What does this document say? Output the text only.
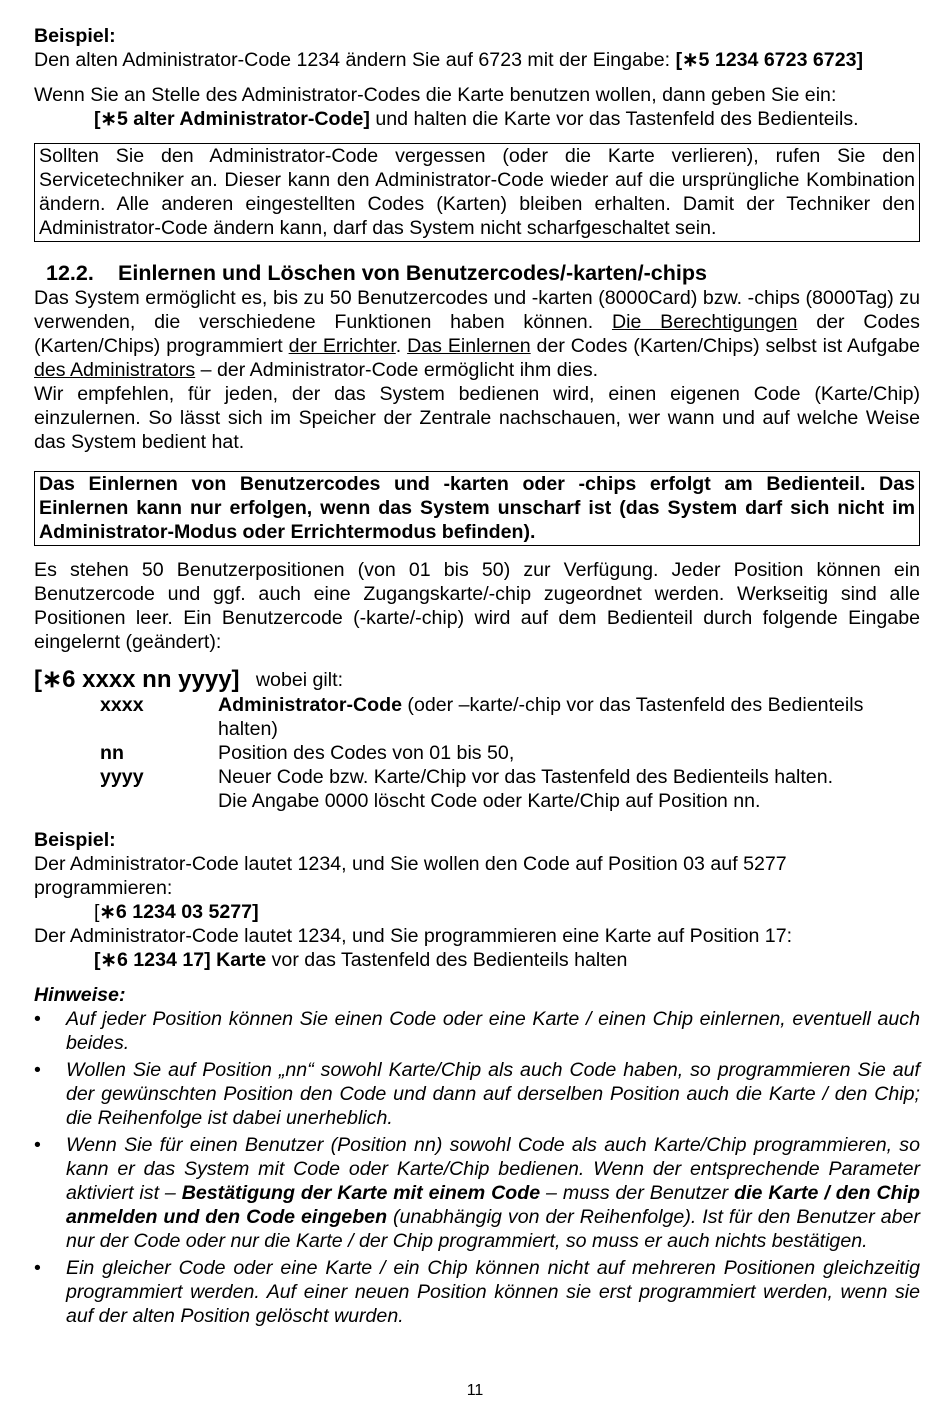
Beispiel:

Den alten Administrator-Code 1234 ändern Sie auf 6723 mit der Eingabe: [∗5 1234 6723 6723]

Wenn Sie an Stelle des Administrator-Codes die Karte benutzen wollen, dann geben Sie ein:

[∗5 alter Administrator-Code] und halten die Karte vor das Tastenfeld des Bedienteils.

Sollten Sie den Administrator-Code vergessen (oder die Karte verlieren), rufen Sie den Servicetechniker an. Dieser kann den Administrator-Code wieder auf die ursprüngliche Kombination ändern. Alle anderen eingestellten Codes (Karten) bleiben erhalten. Damit der Techniker den Administrator-Code ändern kann, darf das System nicht scharfgeschaltet sein.
12.2. Einlernen und Löschen von Benutzercodes/-karten/-chips

Das System ermöglicht es, bis zu 50 Benutzercodes und -karten (8000Card) bzw. -chips (8000Tag) zu verwenden, die verschiedene Funktionen haben können. Die Berechtigungen der Codes (Karten/Chips) programmiert der Errichter. Das Einlernen der Codes (Karten/Chips) selbst ist Aufgabe des Administrators – der Administrator-Code ermöglicht ihm dies.

Wir empfehlen, für jeden, der das System bedienen wird, einen eigenen Code (Karte/Chip) einzulernen. So lässt sich im Speicher der Zentrale nachschauen, wer wann und auf welche Weise das System bedient hat.

Das Einlernen von Benutzercodes und -karten oder -chips erfolgt am Bedienteil. Das Einlernen kann nur erfolgen, wenn das System unscharf ist (das System darf sich nicht im Administrator-Modus oder Errichtermodus befinden).

Es stehen 50 Benutzerpositionen (von 01 bis 50) zur Verfügung. Jeder Position können ein Benutzercode und ggf. auch eine Zugangskarte/-chip zugeordnet werden. Werkseitig sind alle Positionen leer. Ein Benutzercode (-karte/-chip) wird auf dem Bedienteil durch folgende Eingabe eingelernt (geändert):

[∗6 xxxx nn yyyy] wobei gilt:

xxxx	Administrator-Code (oder –karte/-chip vor das Tastenfeld des Bedienteils halten)
nn	Position des Codes von 01 bis 50,
yyyy	Neuer Code bzw. Karte/Chip vor das Tastenfeld des Bedienteils halten.
Die Angabe 0000 löscht Code oder Karte/Chip auf Position nn.

Beispiel:

Der Administrator-Code lautet 1234, und Sie wollen den Code auf Position 03 auf 5277 programmieren:

[∗6 1234 03 5277]

Der Administrator-Code lautet 1234, und Sie programmieren eine Karte auf Position 17:

[∗6 1234 17] Karte vor das Tastenfeld des Bedienteils halten

Hinweise:

• Auf jeder Position können Sie einen Code oder eine Karte / einen Chip einlernen, eventuell auch beides.
• Wollen Sie auf Position „nn“ sowohl Karte/Chip als auch Code haben, so programmieren Sie auf der gewünschten Position den Code und dann auf derselben Position auch die Karte / den Chip; die Reihenfolge ist dabei unerheblich.
• Wenn Sie für einen Benutzer (Position nn) sowohl Code als auch Karte/Chip programmieren, so kann er das System mit Code oder Karte/Chip bedienen. Wenn der entsprechende Parameter aktiviert ist – Bestätigung der Karte mit einem Code – muss der Benutzer die Karte / den Chip anmelden und den Code eingeben (unabhängig von der Reihenfolge). Ist für den Benutzer aber nur der Code oder nur die Karte / der Chip programmiert, so muss er auch nichts bestätigen.
• Ein gleicher Code oder eine Karte / ein Chip können nicht auf mehreren Positionen gleichzeitig programmiert werden. Auf einer neuen Position können sie erst programmiert werden, wenn sie auf der alten Position gelöscht wurden.
11
